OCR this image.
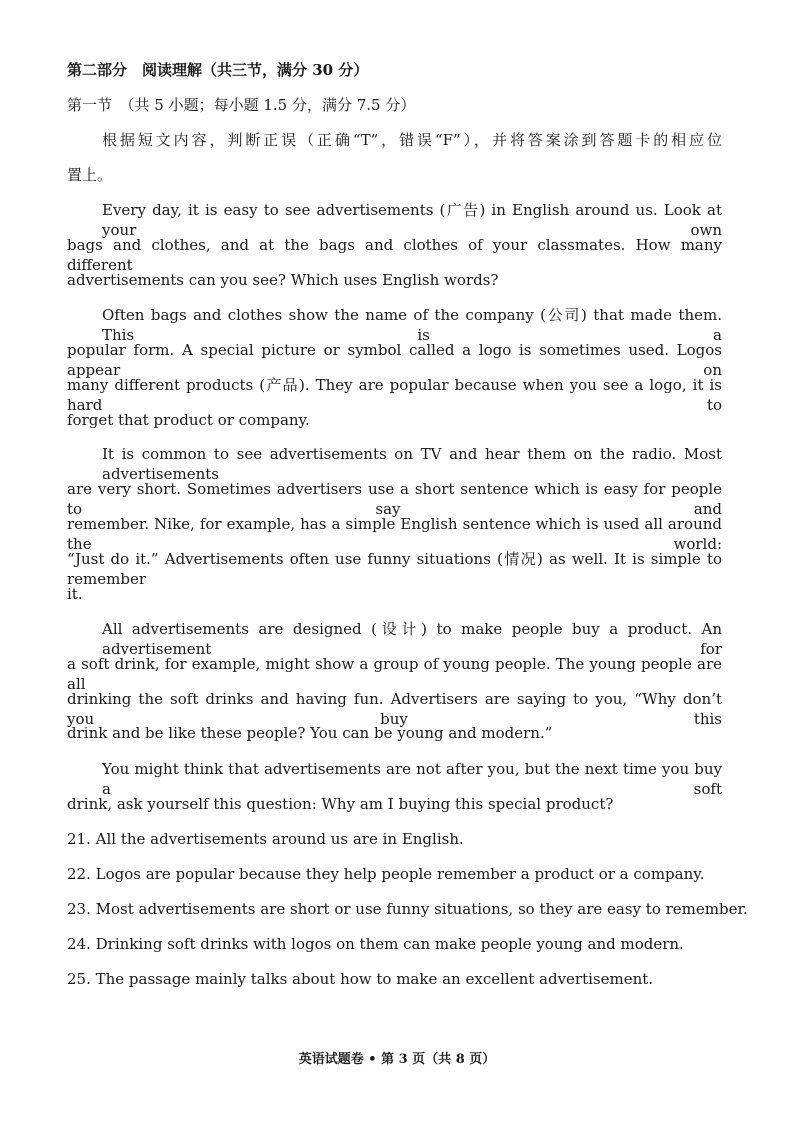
第二部分　阅读理解（共三节，满分 30 分）
第一节　（共 5 小题；每小题 1.5 分，满分 7.5 分）
根据短文内容，判断正误（正确“T”，错误“F”），并将答案涂到答题卡的相应位
置上。
Every day, it is easy to see advertisements (广告) in English around us. Look at your own
bags and clothes, and at the bags and clothes of your classmates. How many different
advertisements can you see? Which uses English words?
Often bags and clothes show the name of the company (公司) that made them. This is a
popular form. A special picture or symbol called a logo is sometimes used. Logos appear on
many different products (产品). They are popular because when you see a logo, it is hard to
forget that product or company.
It is common to see advertisements on TV and hear them on the radio. Most advertisements
are very short. Sometimes advertisers use a short sentence which is easy for people to say and
remember. Nike, for example, has a simple English sentence which is used all around the world:
“Just do it.” Advertisements often use funny situations (情况) as well. It is simple to remember
it.
All advertisements are designed (设计) to make people buy a product. An advertisement for
a soft drink, for example, might show a group of young people. The young people are all
drinking the soft drinks and having fun. Advertisers are saying to you, “Why don’t you buy this
drink and be like these people? You can be young and modern.”
You might think that advertisements are not after you, but the next time you buy a soft
drink, ask yourself this question: Why am I buying this special product?
21. All the advertisements around us are in English.
22. Logos are popular because they help people remember a product or a company.
23. Most advertisements are short or use funny situations, so they are easy to remember.
24. Drinking soft drinks with logos on them can make people young and modern.
25. The passage mainly talks about how to make an excellent advertisement.
英语试题卷 • 第 3 页（共 8 页）
